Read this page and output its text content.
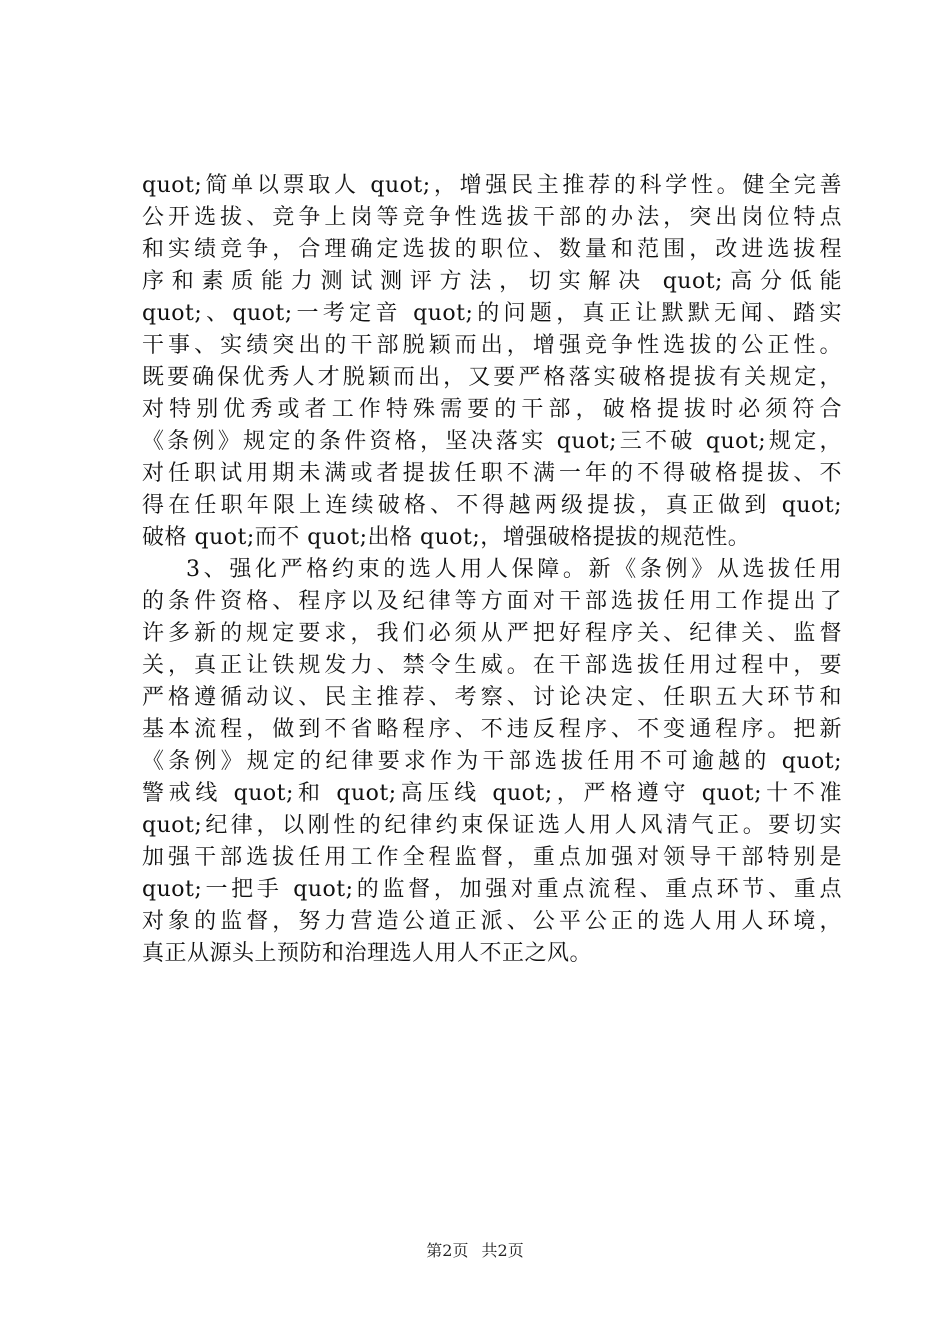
quot;简单以票取人 quot;，增强民主推荐的科学性。健全完善
公开选拔、竞争上岗等竞争性选拔干部的办法，突出岗位特点
和实绩竞争，合理确定选拔的职位、数量和范围，改进选拔程
序和素质能力测试测评方法，切实解决 quot;高分低能
quot;、quot;一考定音 quot;的问题，真正让默默无闻、踏实
干事、实绩突出的干部脱颖而出，增强竞争性选拔的公正性。
既要确保优秀人才脱颖而出，又要严格落实破格提拔有关规定，
对特别优秀或者工作特殊需要的干部，破格提拔时必须符合
《条例》规定的条件资格，坚决落实 quot;三不破 quot;规定，
对任职试用期未满或者提拔任职不满一年的不得破格提拔、不
得在任职年限上连续破格、不得越两级提拔，真正做到 quot;
破格 quot;而不 quot;出格 quot;，增强破格提拔的规范性。
3、强化严格约束的选人用人保障。新《条例》从选拔任用
的条件资格、程序以及纪律等方面对干部选拔任用工作提出了
许多新的规定要求，我们必须从严把好程序关、纪律关、监督
关，真正让铁规发力、禁令生威。在干部选拔任用过程中，要
严格遵循动议、民主推荐、考察、讨论决定、任职五大环节和
基本流程，做到不省略程序、不违反程序、不变通程序。把新
《条例》规定的纪律要求作为干部选拔任用不可逾越的 quot;
警戒线 quot;和 quot;高压线 quot;，严格遵守 quot;十不准
quot;纪律，以刚性的纪律约束保证选人用人风清气正。要切实
加强干部选拔任用工作全程监督，重点加强对领导干部特别是
quot;一把手 quot;的监督，加强对重点流程、重点环节、重点
对象的监督，努力营造公道正派、公平公正的选人用人环境，
真正从源头上预防和治理选人用人不正之风。
第2页 共2页
